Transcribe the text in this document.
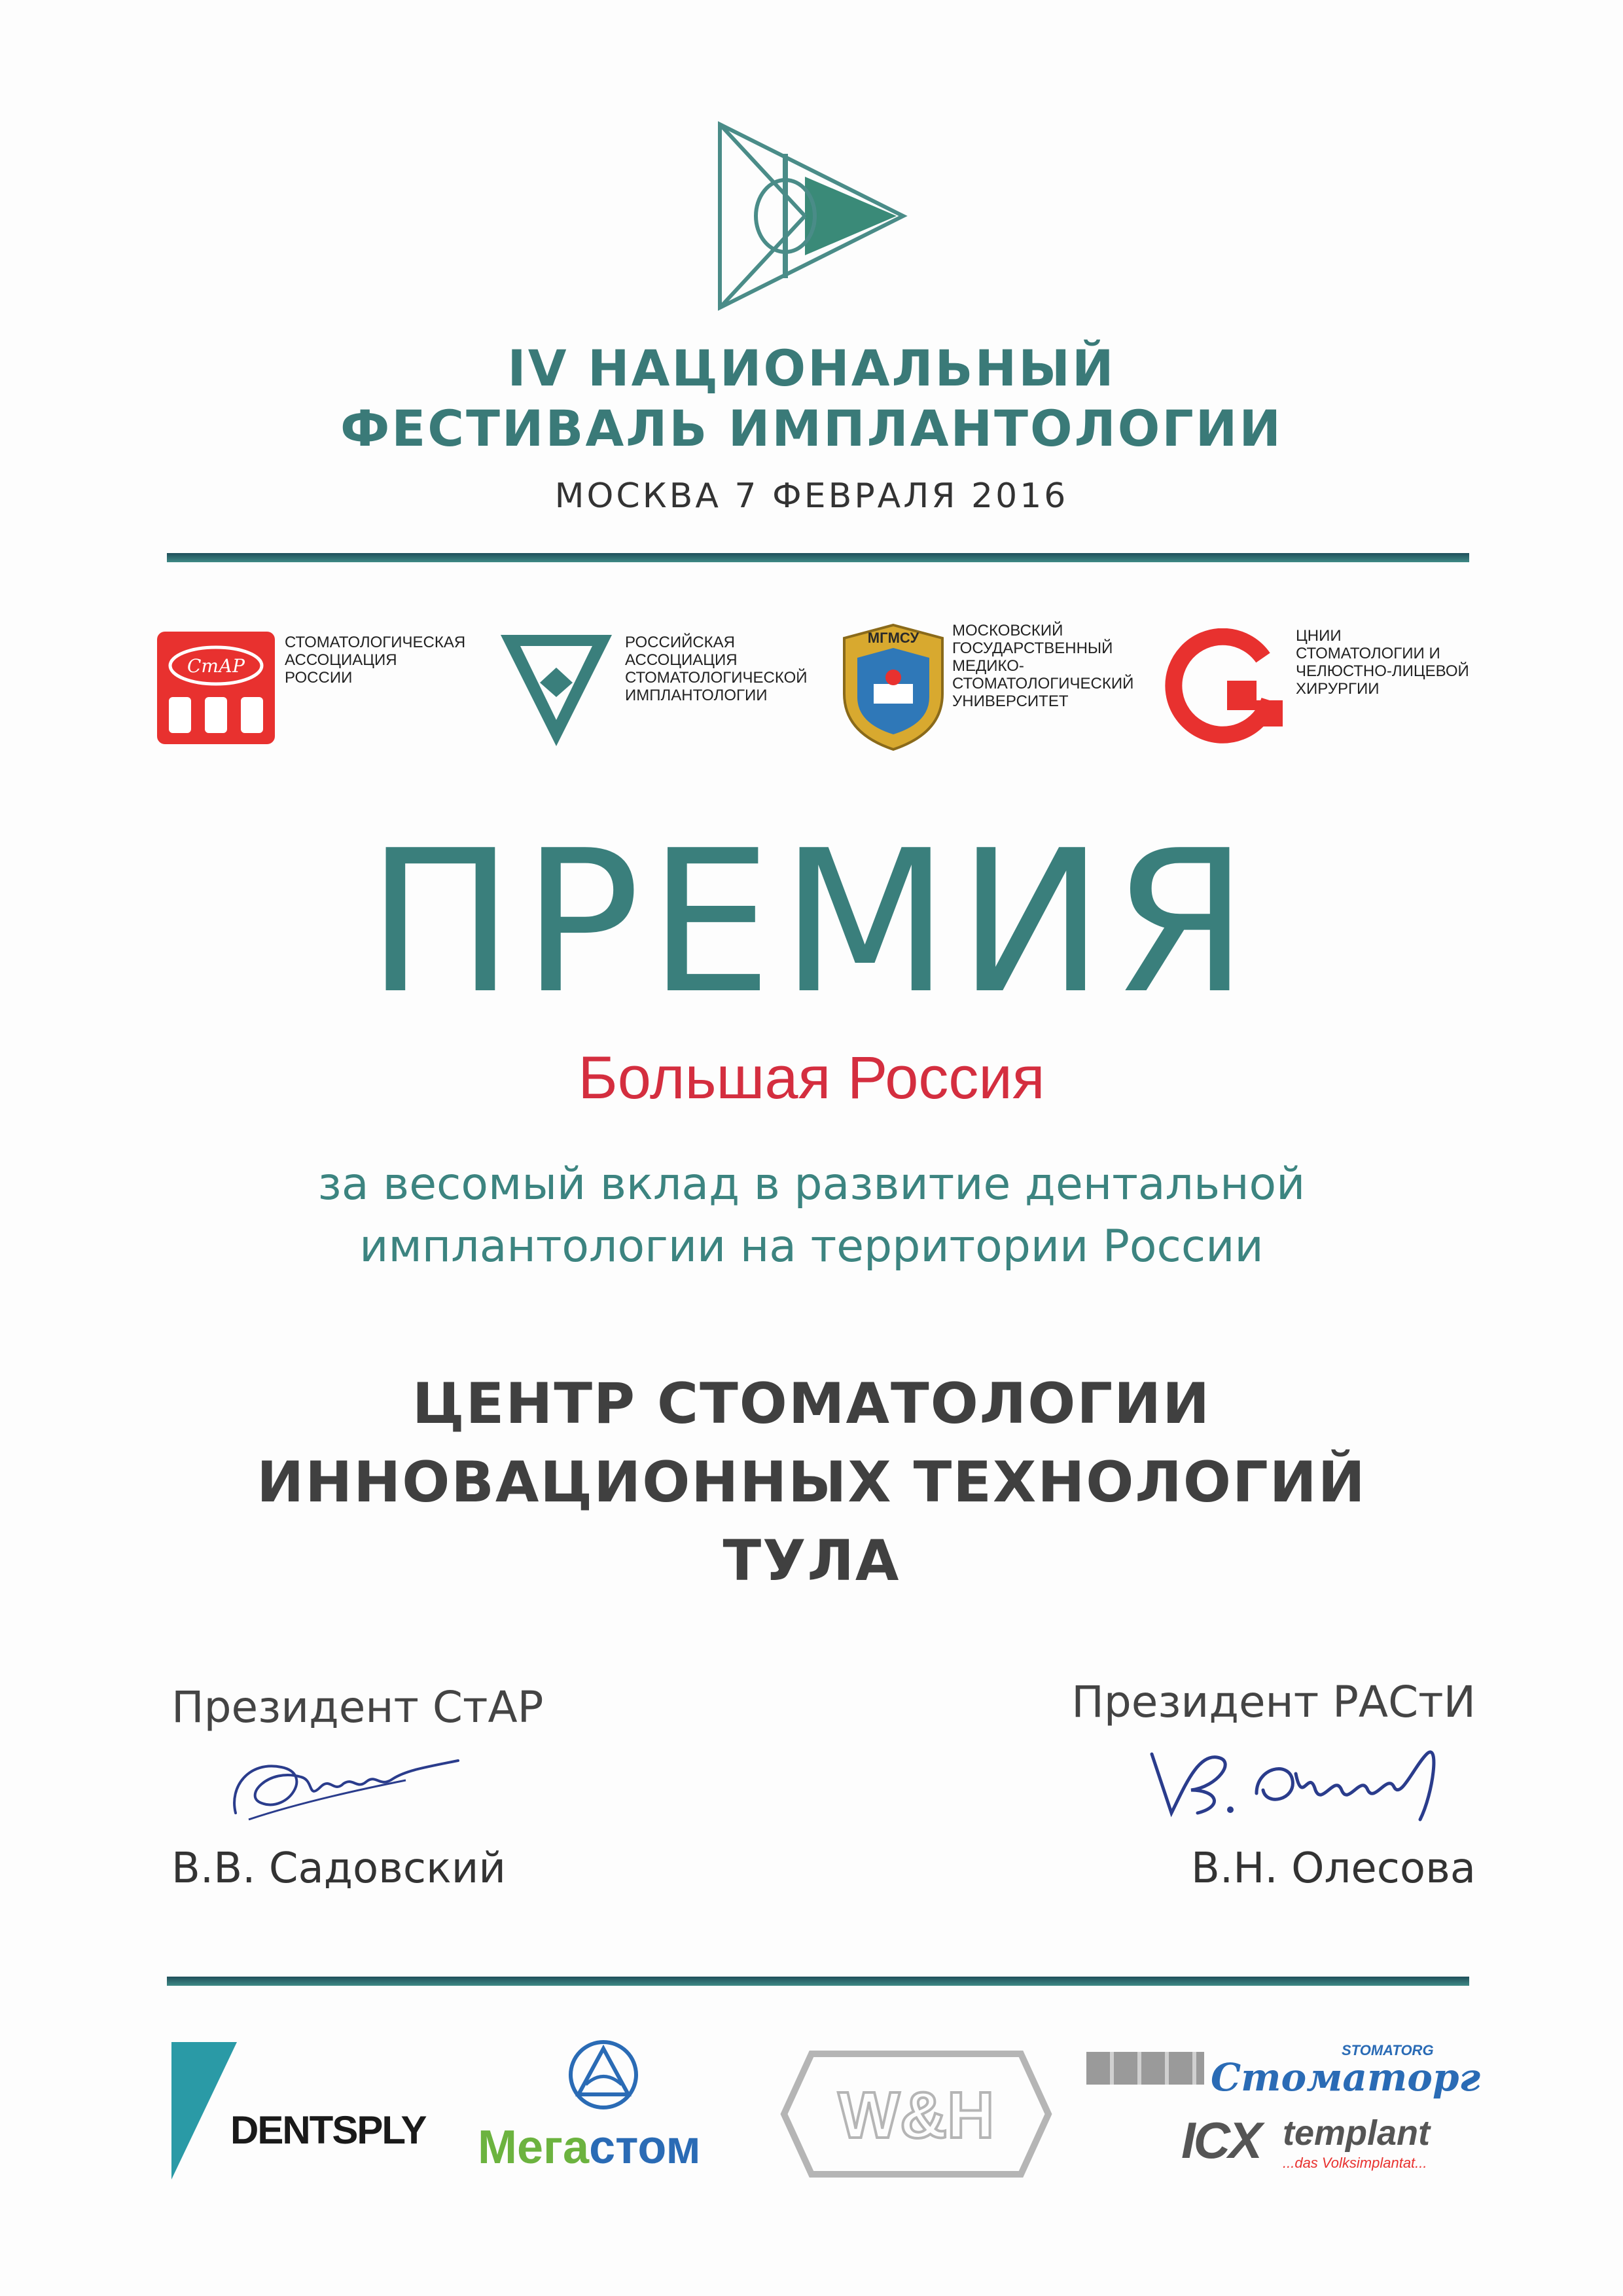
IV НАЦИОНАЛЬНЫЙ
ФЕСТИВАЛЬ ИМПЛАНТОЛОГИИ
МОСКВА 7 ФЕВРАЛЯ 2016
СтАР
СТОМАТОЛОГИЧЕСКАЯ
АССОЦИАЦИЯ
РОССИИ
РОССИЙСКАЯ
АССОЦИАЦИЯ
СТОМАТОЛОГИЧЕСКОЙ
ИМПЛАНТОЛОГИИ
МГМСУ МОСКОВСКИЙ
ГОСУДАРСТВЕННЫЙ
МЕДИКО-
СТОМАТОЛОГИЧЕСКИЙ
УНИВЕРСИТЕТ
ЦНИИ
СТОМАТОЛОГИИ И
ЧЕЛЮСТНО-ЛИЦЕВОЙ
ХИРУРГИИ
ПРЕМИЯ
Большая Россия
за весомый вклад в развитие дентальной
имплантологии на территории России
ЦЕНТР СТОМАТОЛОГИИ
ИННОВАЦИОННЫХ ТЕХНОЛОГИЙ
ТУЛА
Президент СтАР
В.В. Садовский
Президент РАСтИ
В.Н. Олесова
DENTSPLY Мегастом	W&H
STOMATORG
Стоматорг
ICX templant
...das Volksimplantat...
